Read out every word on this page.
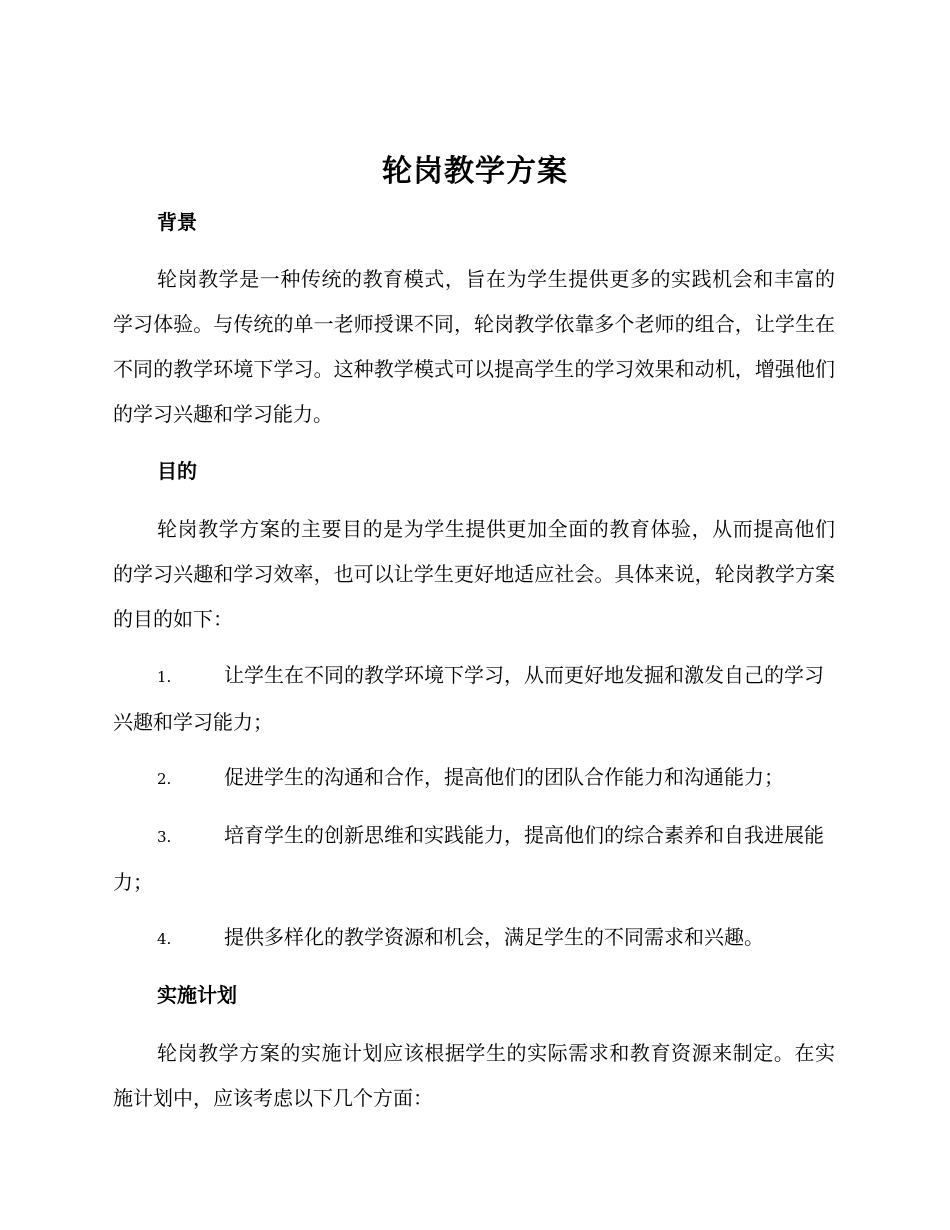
轮岗教学方案
背景

轮岗教学是一种传统的教育模式，旨在为学生提供更多的实践机会和丰富的学习体验。与传统的单一老师授课不同，轮岗教学依靠多个老师的组合，让学生在不同的教学环境下学习。这种教学模式可以提高学生的学习效果和动机，增强他们的学习兴趣和学习能力。

目的

轮岗教学方案的主要目的是为学生提供更加全面的教育体验，从而提高他们的学习兴趣和学习效率，也可以让学生更好地适应社会。具体来说，轮岗教学方案的目的如下：

1.	让学生在不同的教学环境下学习，从而更好地发掘和激发自己的学习兴趣和学习能力；

2.	促进学生的沟通和合作，提高他们的团队合作能力和沟通能力；

3.	培育学生的创新思维和实践能力，提高他们的综合素养和自我进展能力；

4.	提供多样化的教学资源和机会，满足学生的不同需求和兴趣。

实施计划

轮岗教学方案的实施计划应该根据学生的实际需求和教育资源来制定。在实施计划中，应该考虑以下几个方面：
